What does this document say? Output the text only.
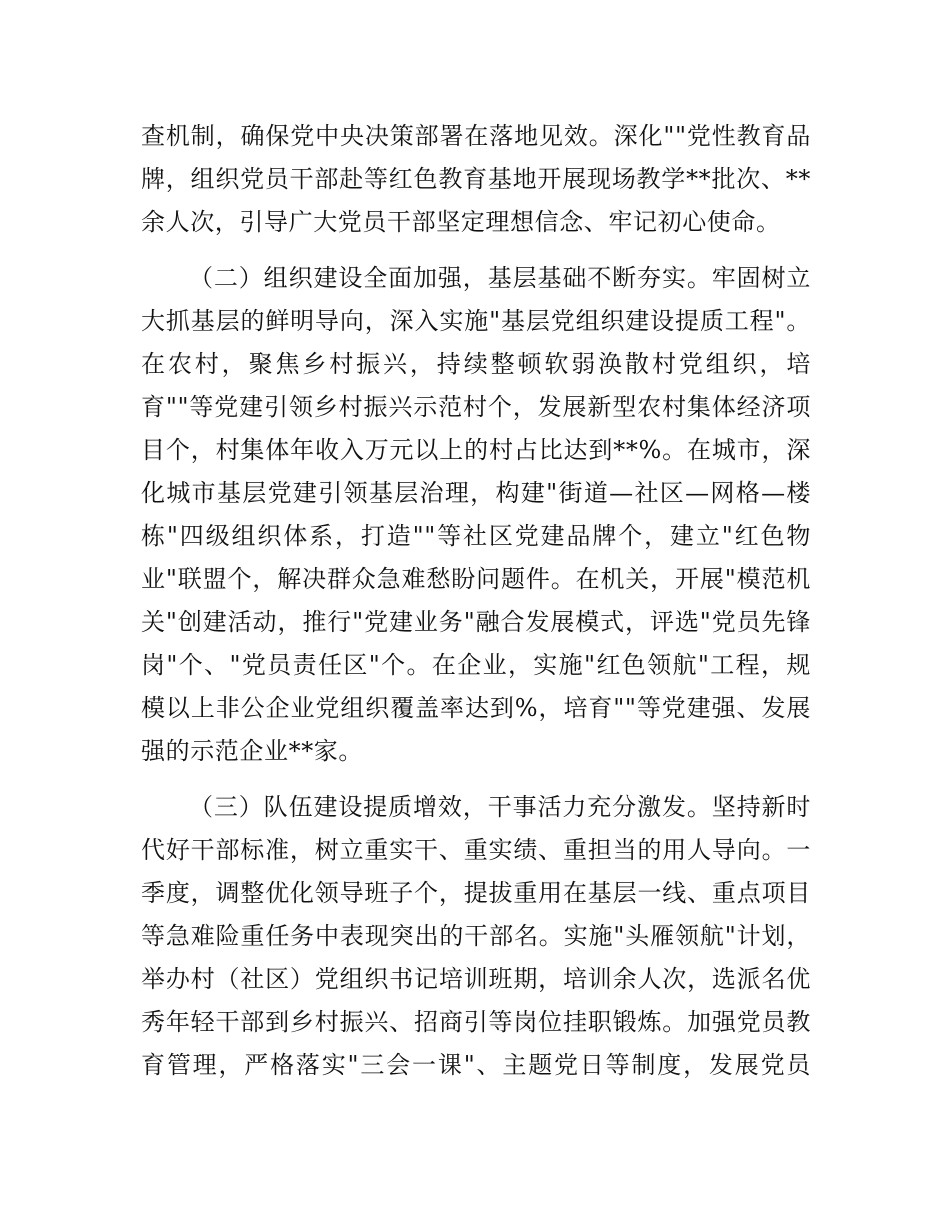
查机制，确保党中央决策部署在落地见效。深化""党性教育品
牌，组织党员干部赴等红色教育基地开展现场教学**批次、**
余人次，引导广大党员干部坚定理想信念、牢记初心使命。
（二）组织建设全面加强，基层基础不断夯实。牢固树立
大抓基层的鲜明导向，深入实施"基层党组织建设提质工程"。
在农村，聚焦乡村振兴，持续整顿软弱涣散村党组织，培
育""等党建引领乡村振兴示范村个，发展新型农村集体经济项
目个，村集体年收入万元以上的村占比达到**%。在城市，深
化城市基层党建引领基层治理，构建"街道—社区—网格—楼
栋"四级组织体系，打造""等社区党建品牌个，建立"红色物
业"联盟个，解决群众急难愁盼问题件。在机关，开展"模范机
关"创建活动，推行"党建业务"融合发展模式，评选"党员先锋
岗"个、"党员责任区"个。在企业，实施"红色领航"工程，规
模以上非公企业党组织覆盖率达到%，培育""等党建强、发展
强的示范企业**家。
（三）队伍建设提质增效，干事活力充分激发。坚持新时
代好干部标准，树立重实干、重实绩、重担当的用人导向。一
季度，调整优化领导班子个，提拔重用在基层一线、重点项目
等急难险重任务中表现突出的干部名。实施"头雁领航"计划，
举办村（社区）党组织书记培训班期，培训余人次，选派名优
秀年轻干部到乡村振兴、招商引等岗位挂职锻炼。加强党员教
育管理，严格落实"三会一课"、主题党日等制度，发展党员
